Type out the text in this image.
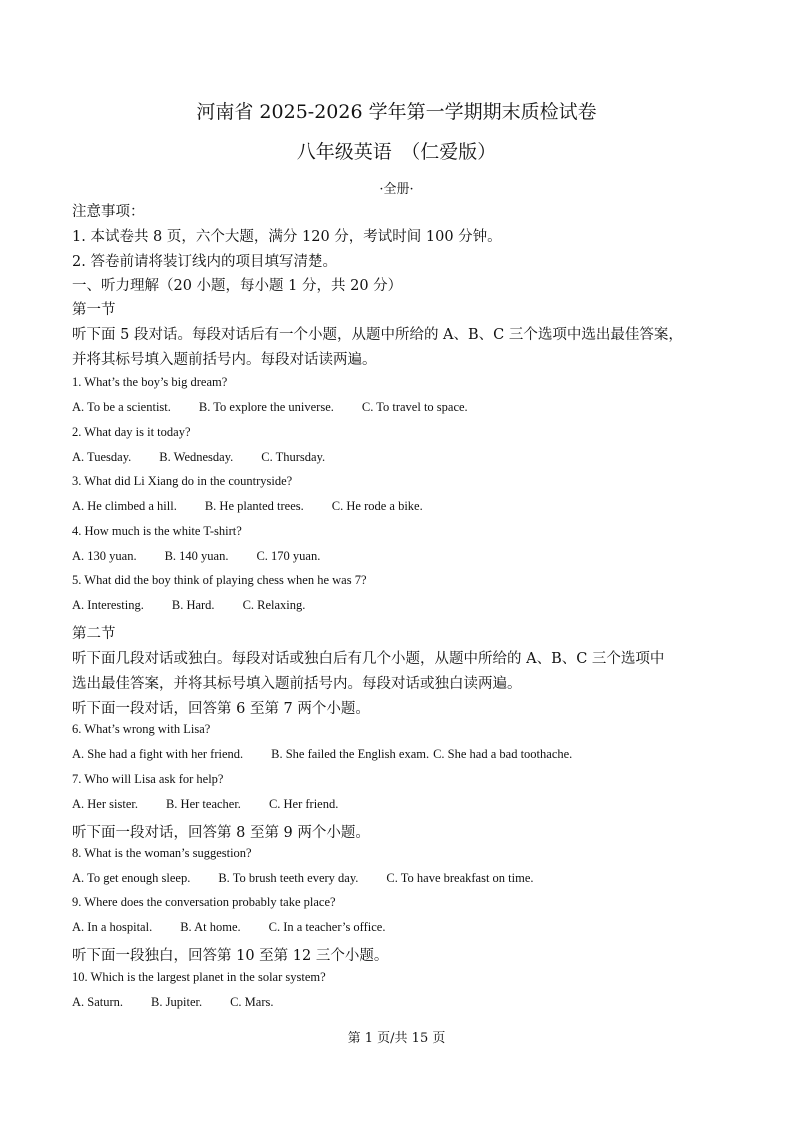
河南省 2025-2026 学年第一学期期末质检试卷
八年级英语　（仁爱版）
·全册·
注意事项：
1. 本试卷共 8 页，六个大题，满分 120 分，考试时间 100 分钟。
2. 答卷前请将装订线内的项目填写清楚。
一、听力理解（20 小题，每小题 1 分，共 20 分）
第一节
听下面 5 段对话。每段对话后有一个小题，从题中所给的 A、B、C 三个选项中选出最佳答案，
并将其标号填入题前括号内。每段对话读两遍。
1. What’s the boy’s big dream?
A. To be a scientist. B. To explore the universe. C. To travel to space.
2. What day is it today?
A. Tuesday. B. Wednesday. C. Thursday.
3. What did Li Xiang do in the countryside?
A. He climbed a hill. B. He planted trees. C. He rode a bike.
4. How much is the white T-shirt?
A. 130 yuan. B. 140 yuan. C. 170 yuan.
5. What did the boy think of playing chess when he was 7?
A. Interesting. B. Hard. C. Relaxing.
第二节
听下面几段对话或独白。每段对话或独白后有几个小题，从题中所给的 A、B、C 三个选项中
选出最佳答案，并将其标号填入题前括号内。每段对话或独白读两遍。
听下面一段对话，回答第 6 至第 7 两个小题。
6. What’s wrong with Lisa?
A. She had a fight with her friend. B. She failed the English exam. C. She had a bad toothache.
7. Who will Lisa ask for help?
A. Her sister. B. Her teacher. C. Her friend.
听下面一段对话，回答第 8 至第 9 两个小题。
8. What is the woman’s suggestion?
A. To get enough sleep. B. To brush teeth every day. C. To have breakfast on time.
9. Where does the conversation probably take place?
A. In a hospital. B. At home. C. In a teacher’s office.
听下面一段独白，回答第 10 至第 12 三个小题。
10. Which is the largest planet in the solar system?
A. Saturn. B. Jupiter. C. Mars.
第 1 页/共 15 页
